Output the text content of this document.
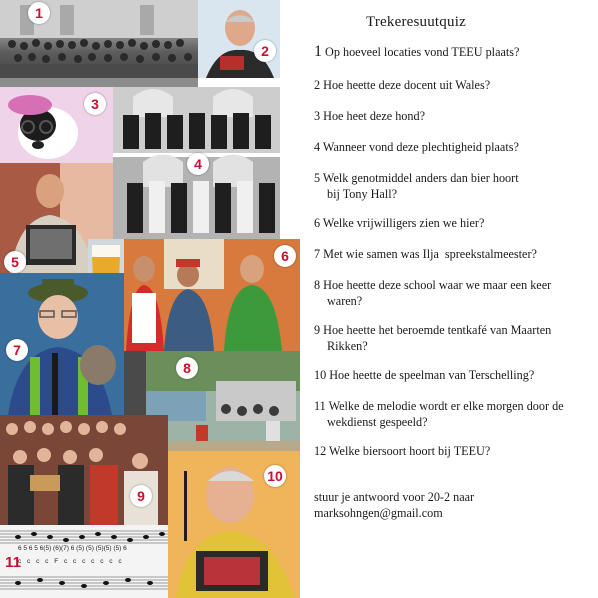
1
2
3
4
5	6
7
8
9
10
6 5 6 5 6(5) (6)(7) 6 (5) (5) (5)(5) (5) 6
c c c c F c c c c c c c
11
Trekeresuutquiz
1 Op hoeveel locaties vond TEEU plaats?
2 Hoe heette deze docent uit Wales?
3 Hoe heet deze hond?
4 Wanneer vond deze plechtigheid plaats?
5 Welk genotmiddel anders dan bier hoort
bij Tony Hall?
6 Welke vrijwilligers zien we hier?
7 Met wie samen was Ilja spreekstalmeester?
8 Hoe heette deze school waar we maar een keer
waren?
9 Hoe heette het beroemde tentkafé van Maarten
Rikken?
10 Hoe heette de speelman van Terschelling?
11 Welke de melodie wordt er elke morgen door de
wekdienst gespeeld?
12 Welke biersoort hoort bij TEEU?
stuur je antwoord voor 20-2 naar
marksohngen@gmail.com
